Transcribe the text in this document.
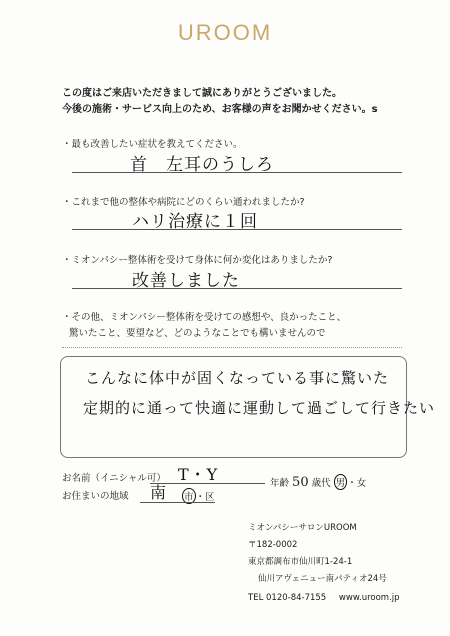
UROOM
この度はご来店いただきまして誠にありがとうございました。
今後の施術・サービス向上のため、お客様の声をお聞かせください。s
・最も改善したい症状を教えてください。
首　左耳のうしろ
・これまで他の整体や病院にどのくらい通われましたか?
ハリ治療に１回
・ミオンパシー整体術を受けて身体に何か変化はありましたか?
改善しました
・その他、ミオンパシー整体術を受けての感想や、良かったこと、
驚いたこと、要望など、どのようなことでも構いませんので
こんなに体中が固くなっている事に驚いた
定期的に通って快適に運動して過ごして行きたい
お名前（イニシャル可） T・Y	年齢 50 歳代 男 ・女
お住まいの地域 南 市 ・区
ミオンパシーサロンUROOM
〒182-0002
東京都調布市仙川町1-24-1
仙川アヴェニュー南パティオ24号
TEL 0120-84-7155 www.uroom.jp
